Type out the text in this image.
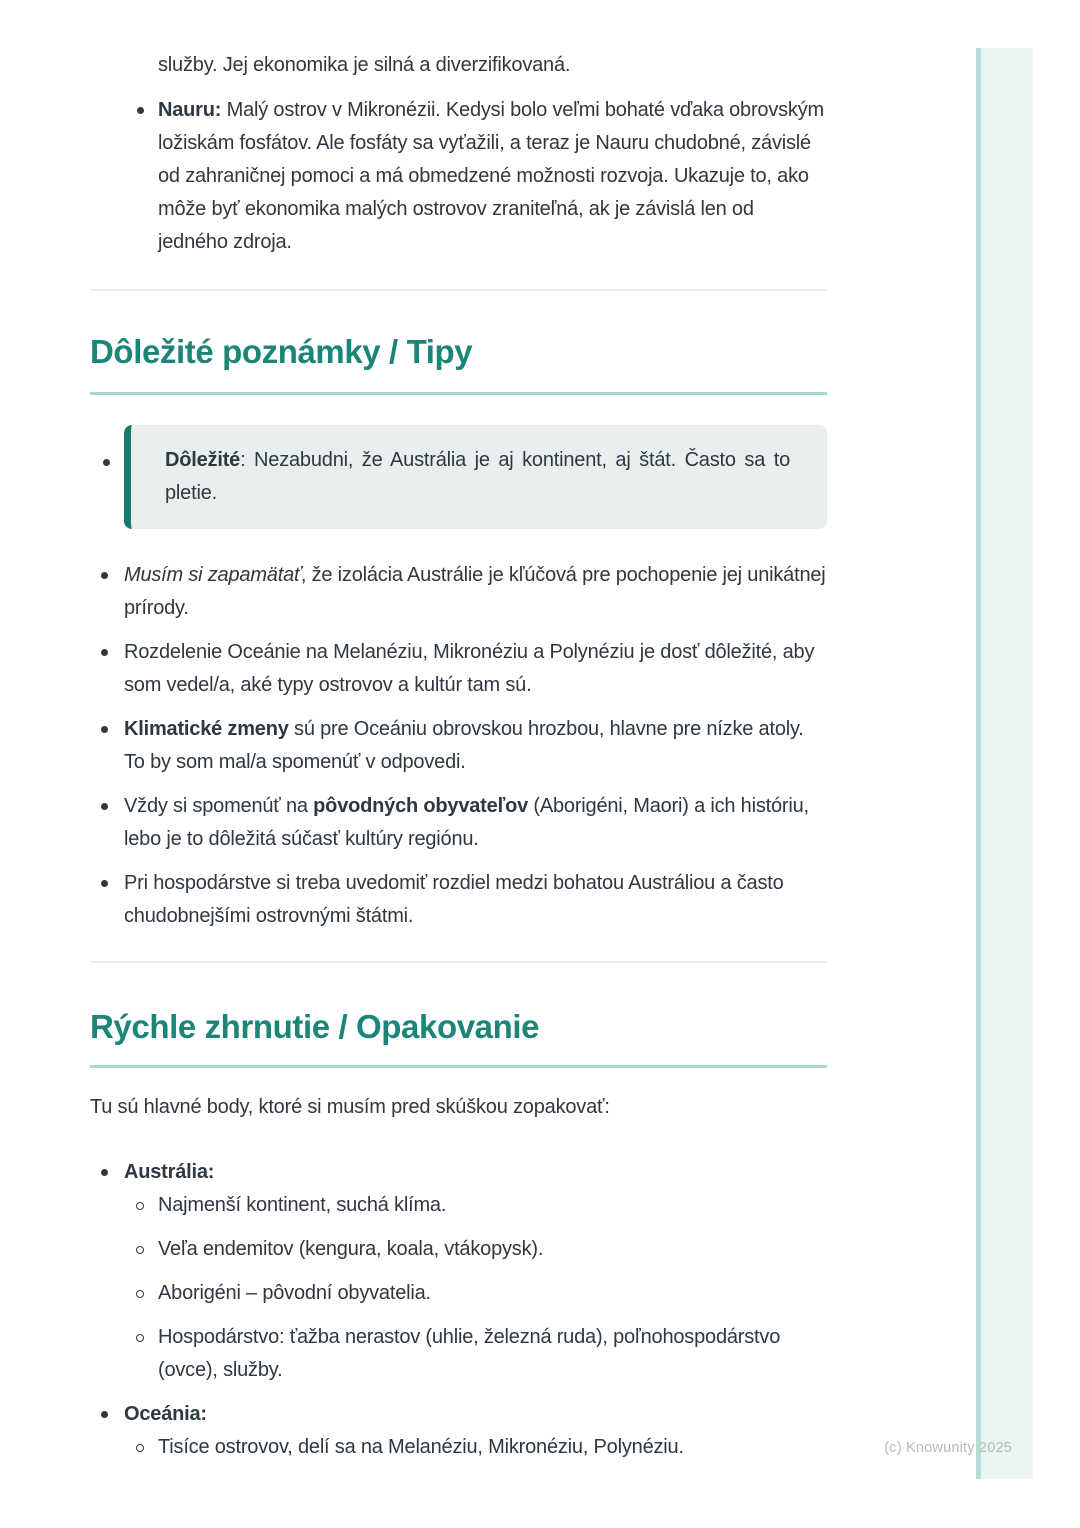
služby. Jej ekonomika je silná a diverzifikovaná.
Nauru: Malý ostrov v Mikronézii. Kedysi bolo veľmi bohaté vďaka obrovským ložiskám fosfátov. Ale fosfáty sa vyťažili, a teraz je Nauru chudobné, závislé od zahraničnej pomoci a má obmedzené možnosti rozvoja. Ukazuje to, ako môže byť ekonomika malých ostrovov zraniteľná, ak je závislá len od jedného zdroja.
Dôležité poznámky / Tipy

Dôležité: Nezabudni, že Austrália je aj kontinent, aj štát. Často sa to pletie.

Musím si zapamätať, že izolácia Austrálie je kľúčová pre pochopenie jej unikátnej prírody.
Rozdelenie Oceánie na Melanéziu, Mikronéziu a Polynéziu je dosť dôležité, aby som vedel/a, aké typy ostrovov a kultúr tam sú.
Klimatické zmeny sú pre Oceániu obrovskou hrozbou, hlavne pre nízke atoly. To by som mal/a spomenúť v odpovedi.
Vždy si spomenúť na pôvodných obyvateľov (Aborigéni, Maori) a ich históriu, lebo je to dôležitá súčasť kultúry regiónu.
Pri hospodárstve si treba uvedomiť rozdiel medzi bohatou Austráliou a často chudobnejšími ostrovnými štátmi.
Rýchle zhrnutie / Opakovanie

Tu sú hlavné body, ktoré si musím pred skúškou zopakovať:

Austrália:
Najmenší kontinent, suchá klíma.
Veľa endemitov (kengura, koala, vtákopysk).
Aborigéni – pôvodní obyvatelia.
Hospodárstvo: ťažba nerastov (uhlie, železná ruda), poľnohospodárstvo (ovce), služby.
Oceánia:
Tisíce ostrovov, delí sa na Melanéziu, Mikronéziu, Polynéziu.	(c) Knowunity 2025
